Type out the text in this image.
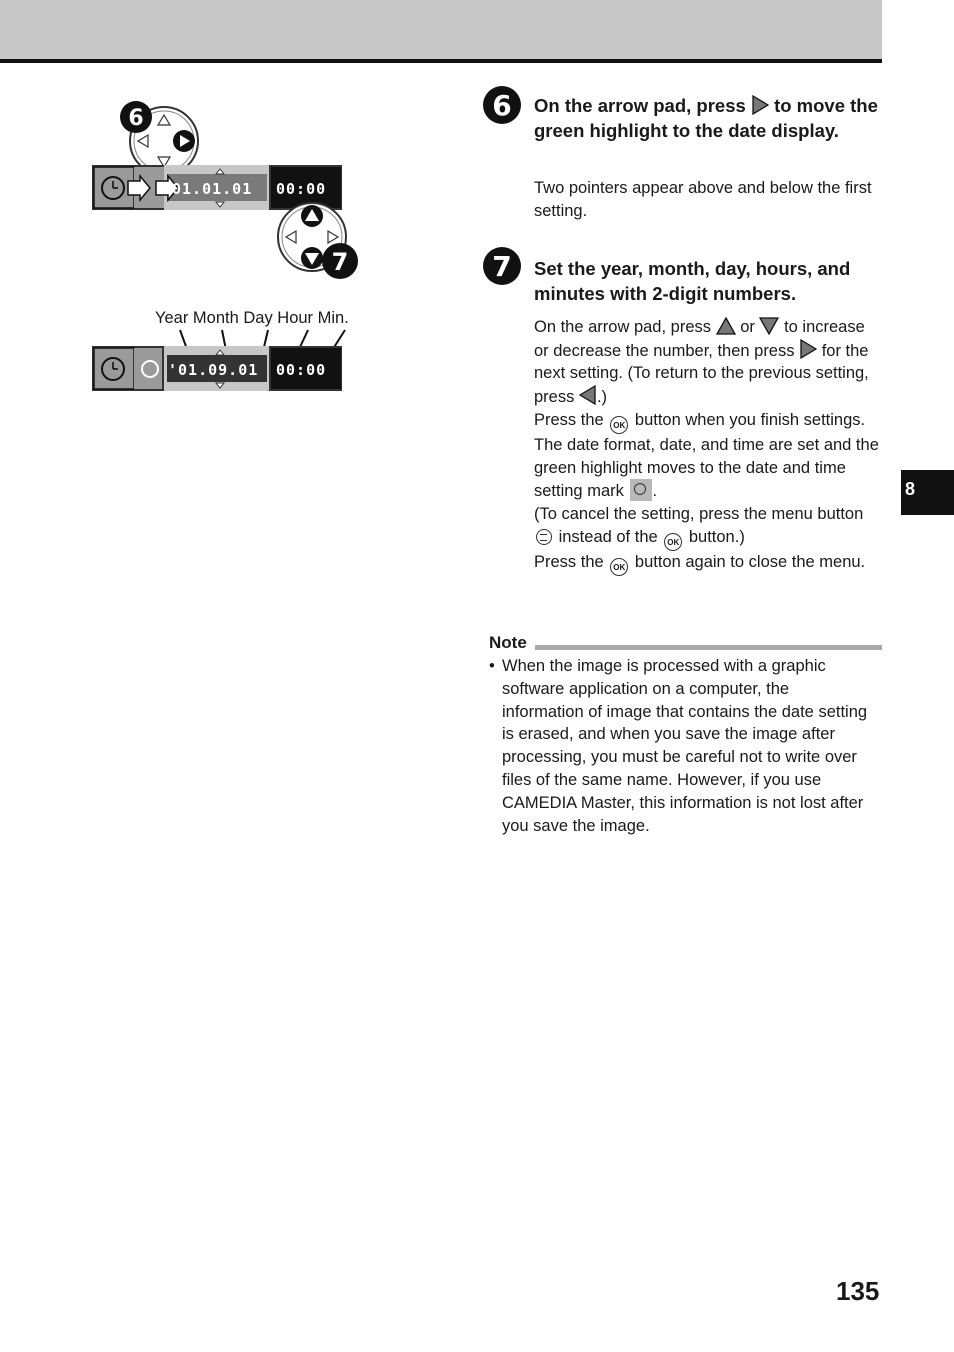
6
01.01.01 00:00
7
'01.09.01 00:00
Year Month Day Hour Min.
6 On the arrow pad, press to move the green highlight to the date display.
Two pointers appear above and below the first setting.
7 Set the year, month, day, hours, and minutes with 2-digit numbers.
On the arrow pad, press or to increase or decrease the number, then press for the next setting. (To return to the previous setting, press .)
Press the OK button when you finish settings.
The date format, date, and time are set and the green highlight moves to the date and time setting mark .
(To cancel the setting, press the menu button  instead of the OK button.)
Press the OK button again to close the menu.
Note
• When the image is processed with a graphic software application on a computer, the information of image that contains the date setting is erased, and when you save the image after processing, you must be careful not to write over files of the same name. However, if you use CAMEDIA Master, this information is not lost after you save the image.
8
135
